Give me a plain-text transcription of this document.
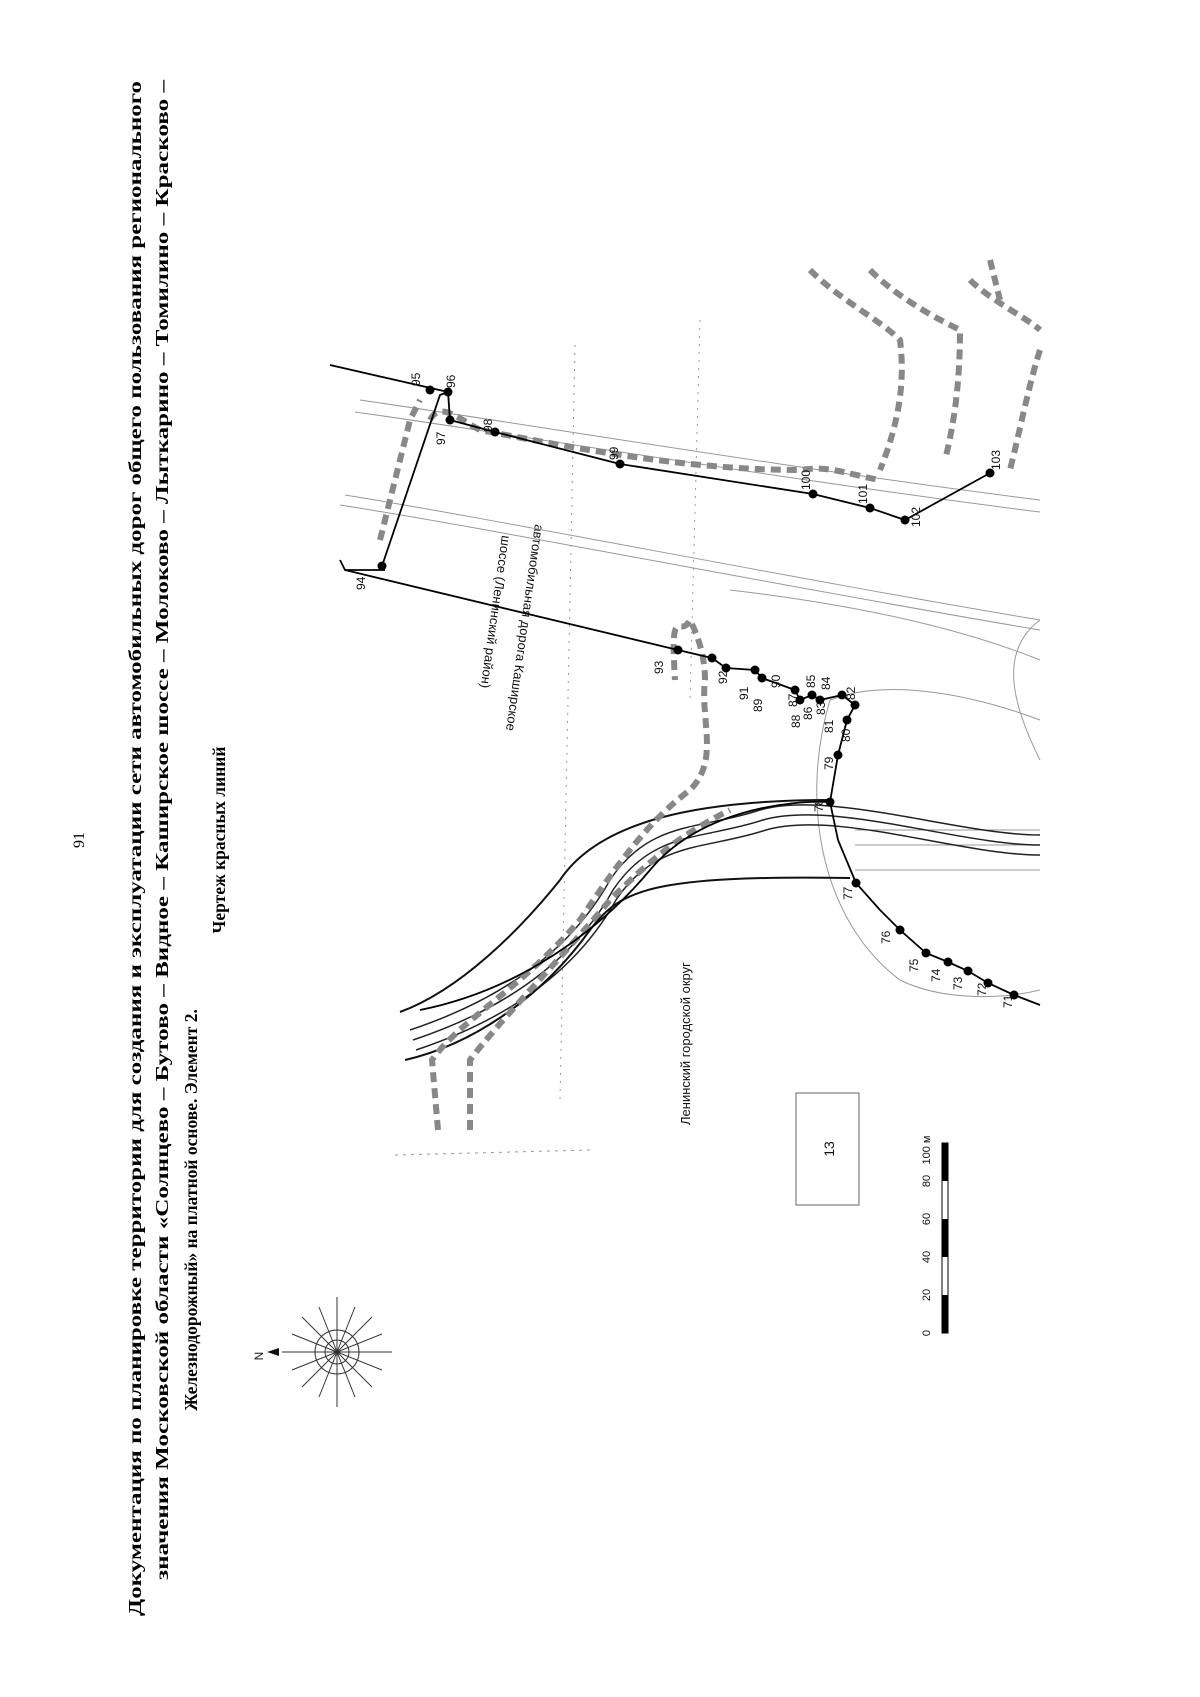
91 Документация по планировке территории для создания и эксплуатации сети автомобильных дорог общего пользования регионального значения Московской области «Солнцево – Бутово – Видное – Каширское шоссе – Молоково – Лыткарино – Томилино – Красково – Железнодорожный» на платной основе. Элемент 2.
Чертеж красных линий
N
13
Ленинский городской округ
автомобильная дорога Каширское
шоссе (Ленинский район)
71
72
73
74
75
76
77
78
79
80
81
82
83
84
85
86
87
88
89
90
91
92
93
94
95 96
97
98
99
100
101
102
103
0
20
40
60
80
100 м
